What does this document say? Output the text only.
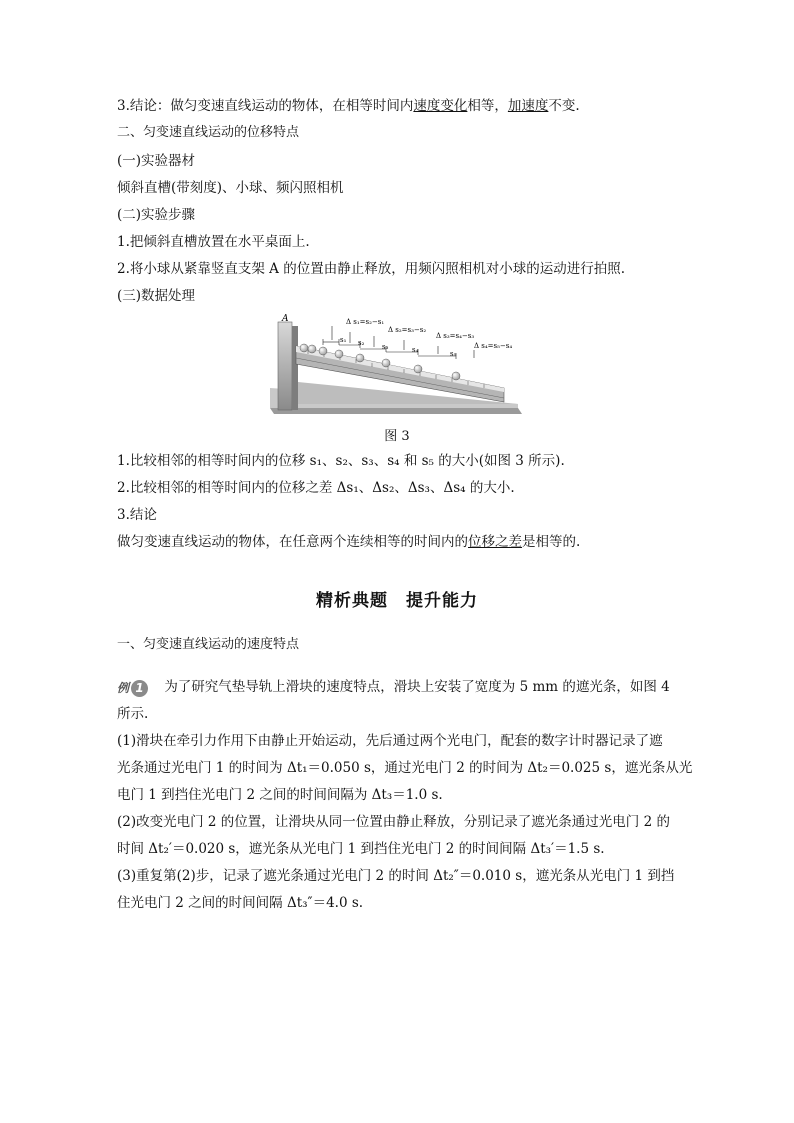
3.结论：做匀变速直线运动的物体，在相等时间内速度变化相等，加速度不变.
二、匀变速直线运动的位移特点
(一)实验器材
倾斜直槽(带刻度)、小球、频闪照相机
(二)实验步骤
1.把倾斜直槽放置在水平桌面上.
2.将小球从紧靠竖直支架 A 的位置由静止释放，用频闪照相机对小球的运动进行拍照.
(三)数据处理
A	Δ s₁=s₂−s₁
Δ s₂=s₃−s₂
Δ s₃=s₄−s₃
Δ s₄=s₅−s₄
s₁ s₂	s₃	s₄	s₅
图 3
1.比较相邻的相等时间内的位移 s₁、s₂、s₃、s₄ 和 s₅ 的大小(如图 3 所示).
2.比较相邻的相等时间内的位移之差 Δs₁、Δs₂、Δs₃、Δs₄ 的大小.
3.结论
做匀变速直线运动的物体，在任意两个连续相等的时间内的位移之差是相等的.
精析典题　提升能力
一、匀变速直线运动的速度特点
例 1 为了研究气垫导轨上滑块的速度特点，滑块上安装了宽度为 5 mm 的遮光条，如图 4
所示.
(1)滑块在牵引力作用下由静止开始运动，先后通过两个光电门，配套的数字计时器记录了遮
光条通过光电门 1 的时间为 Δt₁＝0.050 s，通过光电门 2 的时间为 Δt₂＝0.025 s，遮光条从光
电门 1 到挡住光电门 2 之间的时间间隔为 Δt₃＝1.0 s.
(2)改变光电门 2 的位置，让滑块从同一位置由静止释放，分别记录了遮光条通过光电门 2 的
时间 Δt₂′＝0.020 s，遮光条从光电门 1 到挡住光电门 2 的时间间隔 Δt₃′＝1.5 s.
(3)重复第(2)步，记录了遮光条通过光电门 2 的时间 Δt₂″＝0.010 s，遮光条从光电门 1 到挡
住光电门 2 之间的时间间隔 Δt₃″＝4.0 s.
